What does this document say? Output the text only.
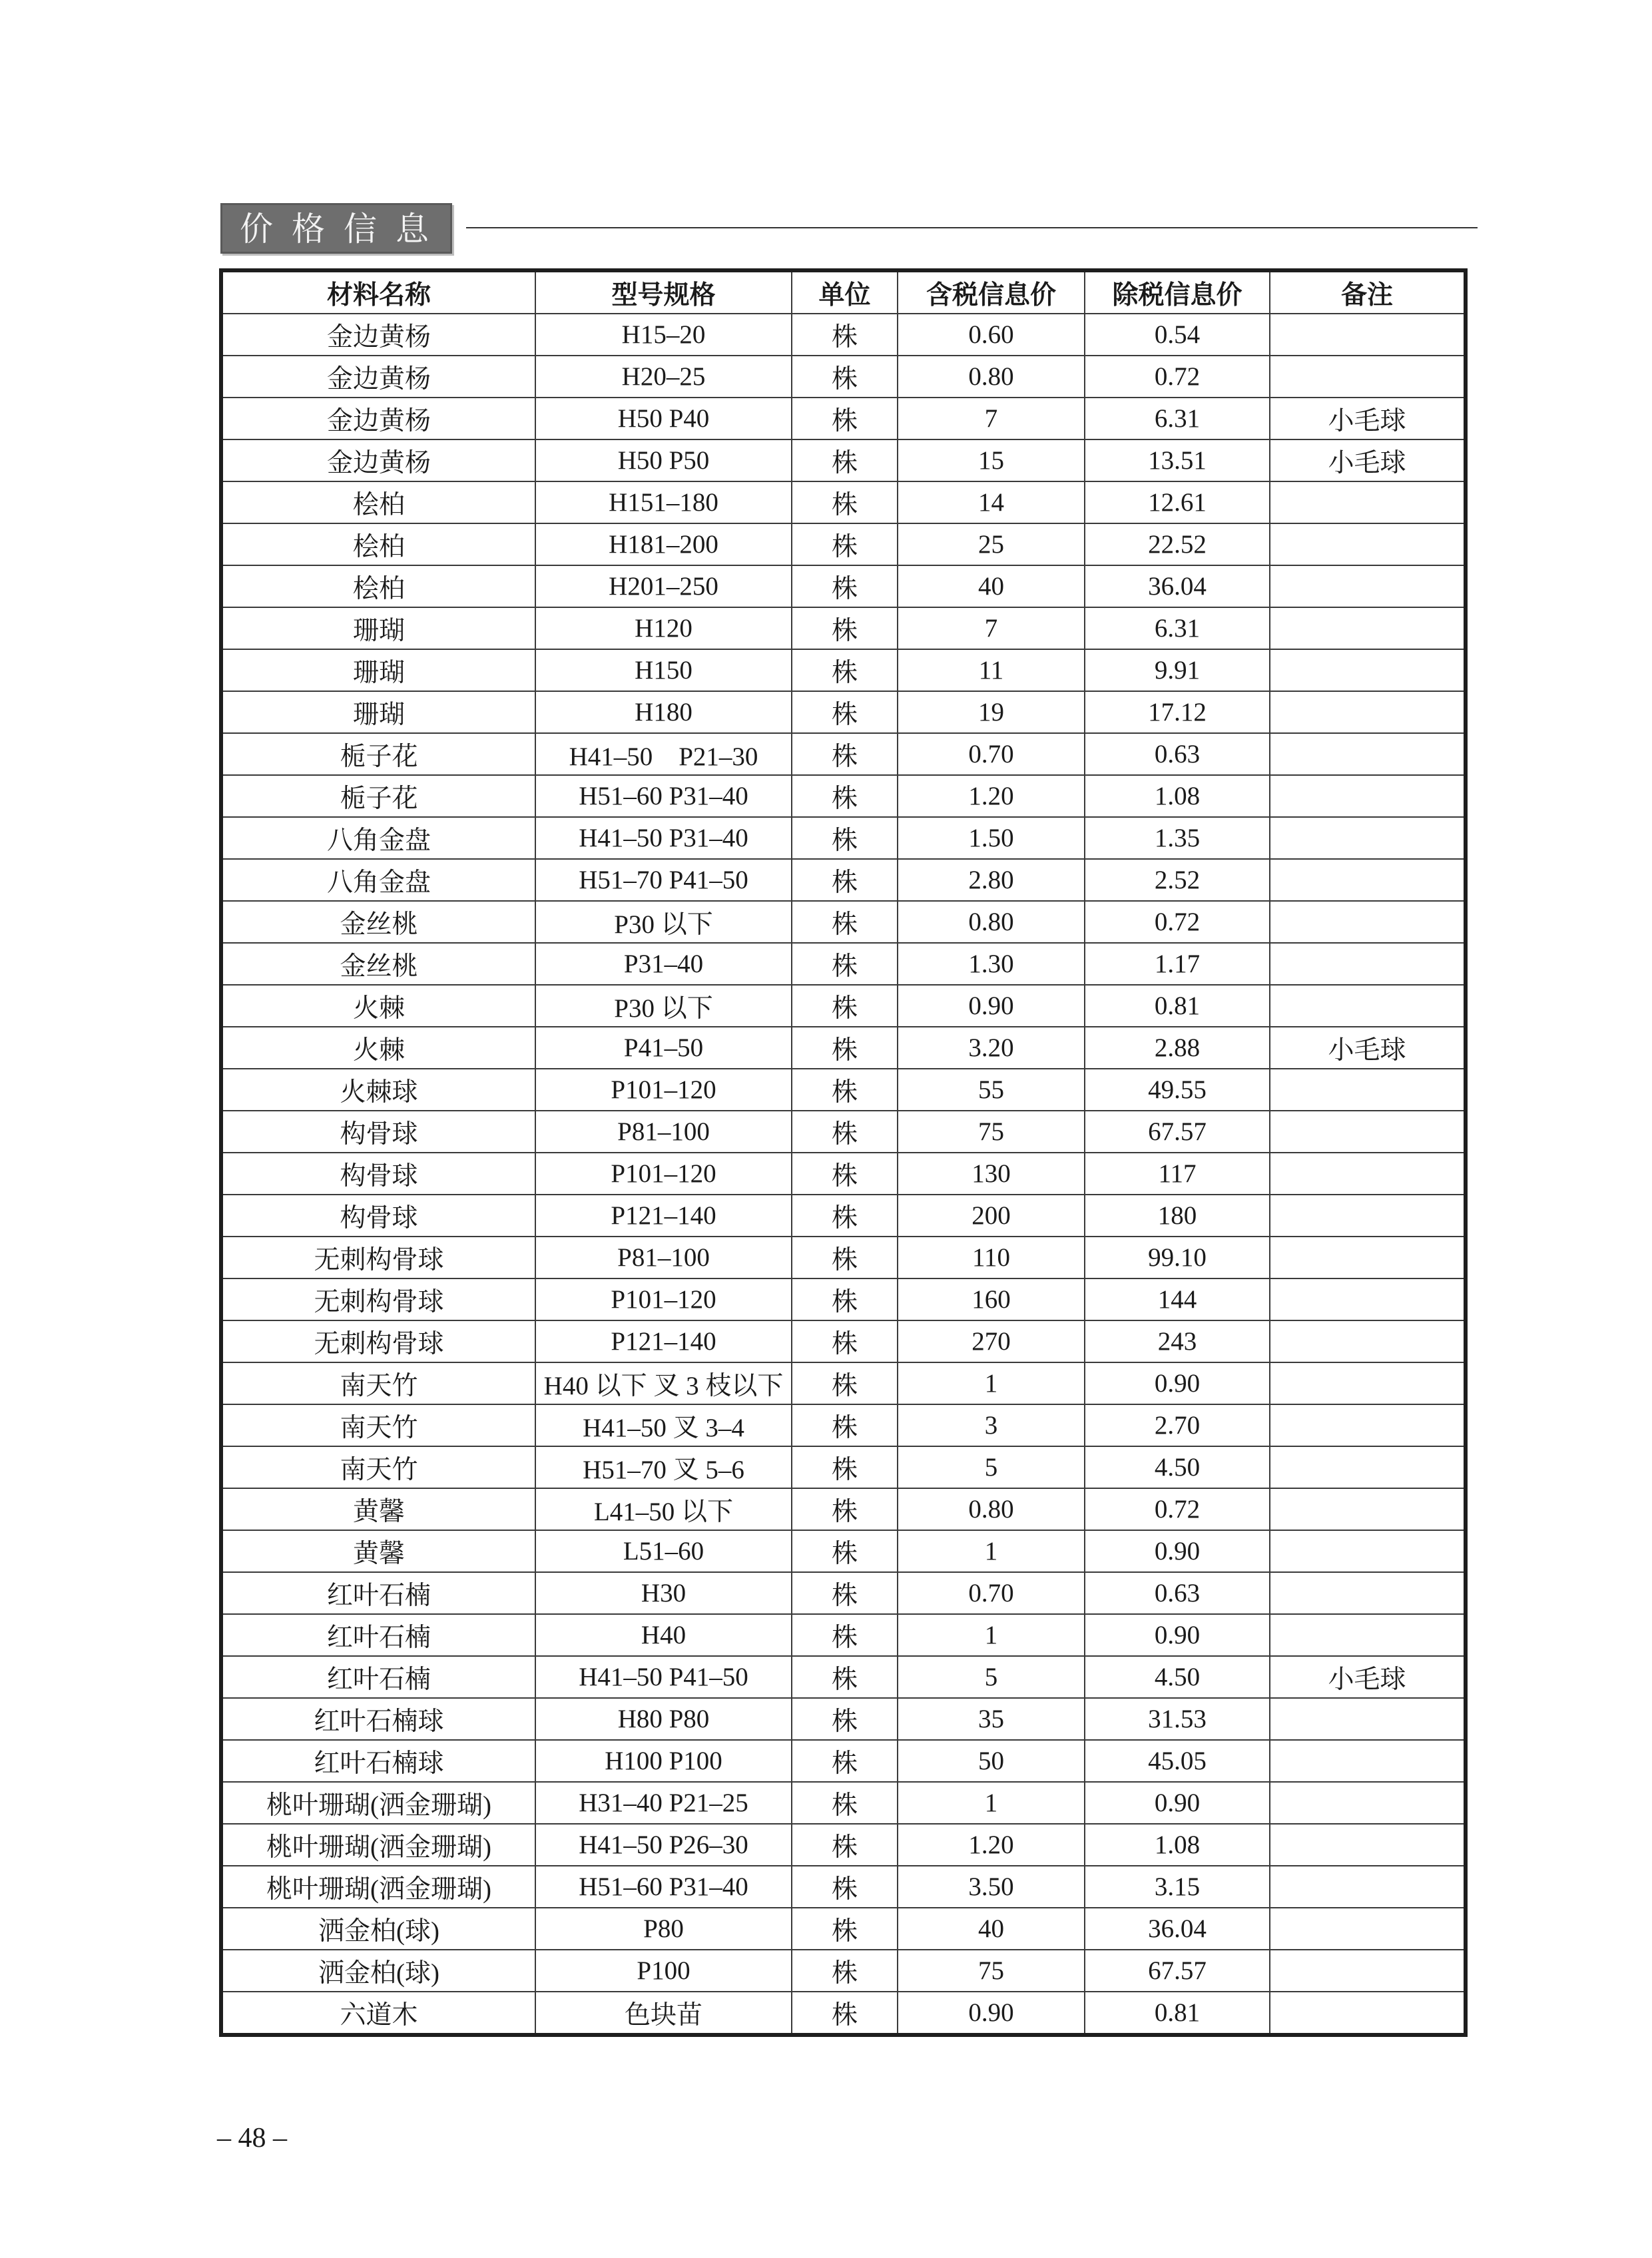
价格信息
材料名称	型号规格	单位	含税信息价	除税信息价	备注
金边黄杨	H15–20	株	0.60	0.54	
金边黄杨	H20–25	株	0.80	0.72	
金边黄杨	H50 P40	株	7	6.31	小毛球
金边黄杨	H50 P50	株	15	13.51	小毛球
桧柏	H151–180	株	14	12.61	
桧柏	H181–200	株	25	22.52	
桧柏	H201–250	株	40	36.04	
珊瑚	H120	株	7	6.31	
珊瑚	H150	株	11	9.91	
珊瑚	H180	株	19	17.12	
栀子花	H41–50　P21–30	株	0.70	0.63	
栀子花	H51–60 P31–40	株	1.20	1.08	
八角金盘	H41–50 P31–40	株	1.50	1.35	
八角金盘	H51–70 P41–50	株	2.80	2.52	
金丝桃	P30 以下	株	0.80	0.72	
金丝桃	P31–40	株	1.30	1.17	
火棘	P30 以下	株	0.90	0.81	
火棘	P41–50	株	3.20	2.88	小毛球
火棘球	P101–120	株	55	49.55	
构骨球	P81–100	株	75	67.57	
构骨球	P101–120	株	130	117	
构骨球	P121–140	株	200	180	
无刺构骨球	P81–100	株	110	99.10	
无刺构骨球	P101–120	株	160	144	
无刺构骨球	P121–140	株	270	243	
南天竹	H40 以下 叉 3 枝以下	株	1	0.90	
南天竹	H41–50 叉 3–4	株	3	2.70	
南天竹	H51–70 叉 5–6	株	5	4.50	
黄馨	L41–50 以下	株	0.80	0.72	
黄馨	L51–60	株	1	0.90	
红叶石楠	H30	株	0.70	0.63	
红叶石楠	H40	株	1	0.90	
红叶石楠	H41–50 P41–50	株	5	4.50	小毛球
红叶石楠球	H80 P80	株	35	31.53	
红叶石楠球	H100 P100	株	50	45.05	
桃叶珊瑚(洒金珊瑚)	H31–40 P21–25	株	1	0.90	
桃叶珊瑚(洒金珊瑚)	H41–50 P26–30	株	1.20	1.08	
桃叶珊瑚(洒金珊瑚)	H51–60 P31–40	株	3.50	3.15	
洒金柏(球)	P80	株	40	36.04	
洒金柏(球)	P100	株	75	67.57	
六道木	色块苗	株	0.90	0.81	
– 48 –
